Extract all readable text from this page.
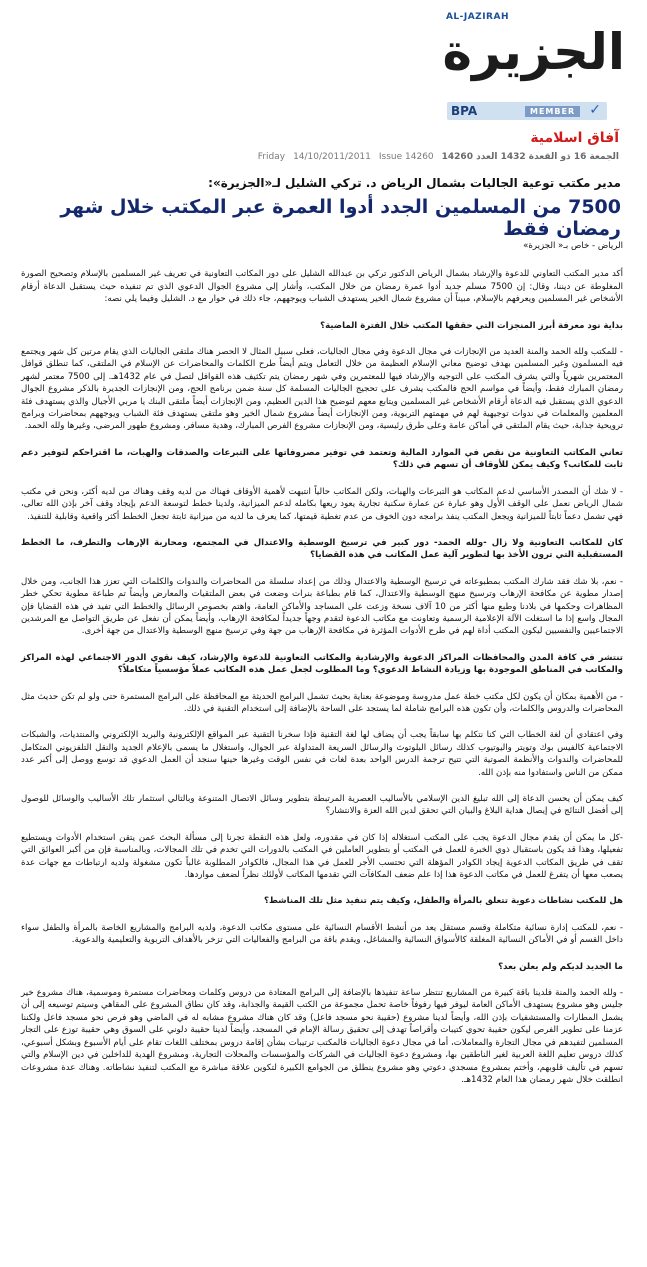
AL-JAZIRAH
الجزيرة
BPA	MEMBER	✓
آفاق اسلامية
Friday 14/10/2011/2011 Issue 14260 الجمعة 16 ذو القعدة 1432 العدد 14260
مدير مكتب توعية الجاليات بشمال الرياض د. تركي الشليل لـ«الجزيرة»:
7500 من المسلمين الجدد أدوا العمرة عبر المكتب خلال شهر رمضان فقط

الرياض - خاص بـ« الجزيرة»

أكد مدير المكتب التعاوني للدعوة والإرشاد بشمال الرياض الدكتور تركي بن عبدالله الشليل على دور المكاتب التعاونية في تعريف غير المسلمين بالإسلام وتصحيح الصورة المغلوطة عن ديننا، وقال: إن 7500 مسلم جديد أدوا عمرة رمضان من خلال المكتب، وأشار إلى مشروع الجوال الدعوي الذي تم تنفيذه حيث يستقبل الدعاة أرقام الأشخاص غير المسلمين ويعرفهم بالإسلام، مبيناً أن مشروع شمال الخير يستهدف الشباب ويوجههم، جاء ذلك في حوار مع د. الشليل وفيما يلي نصه:

بداية نود معرفة أبرز المنجزات التي حققها المكتب خلال الفترة الماضية؟

- للمكتب ولله الحمد والمنة العديد من الإنجازات في مجال الدعوة وفي مجال الجاليات، فعلى سبيل المثال لا الحصر هناك ملتقى الجاليات الذي يقام مرتين كل شهر ويجتمع فيه المسلمون وغير المسلمين بهدف توضيح معاني الإسلام العظيمة من خلال التعامل ويتم أيضاً طرح الكلمات والمحاضرات عن الإسلام في الملتقى، كما تنطلق قوافل المعتمرين شهرياً والتي يشرف المكتب على التوجيه والإرشاد فيها للمعتمرين وفي شهر رمضان يتم تكثيف هذه القوافل لتصل في عام 1432هـ. إلى 7500 معتمر لشهر رمضان المبارك فقط، وأيضاً في مواسم الحج فالمكتب يشرف على تحجيج الجاليات المسلمة كل سنة ضمن برنامج الحج، ومن الإنجازات الجديرة بالذكر مشروع الجوال الدعوي الذي يستقبل فيه الدعاة أرقام الأشخاص غير المسلمين ويتابع معهم لتوضيح هذا الدين العظيم، ومن الإنجازات أيضاً ملتقى البنك يا مربي الأجيال والذي يستهدف فئة المعلمين والمعلمات في ندوات توجيهية لهم في مهمتهم التربوية، ومن الإنجازات أيضاً مشروع شمال الخير وهو ملتقى يستهدف فئة الشباب ويوجههم بمحاضرات وبرامج ترويحية جذابة، حيث يقام الملتقى في أماكن عامة وعلى طرق رئيسية، ومن الإنجازات مشروع الفرص المبارك، وهدية مسافر، ومشروع طهور المرضى، وغيرها ولله الحمد.

تعاني المكاتب التعاونية من نقص في الموارد المالية وتعتمد في توفير مصروفاتها على التبرعات والصدقات والهبات، ما اقتراحكم لتوفير دعم ثابت للمكاتب؟ وكيف يمكن للأوقاف أن تسهم في ذلك؟

- لا شك أن المصدر الأساسي لدعم المكاتب هو التبرعات والهبات، ولكن المكاتب حالياً انتبهت لأهمية الأوقاف فهناك من لديه وقف وهناك من لديه أكثر، ونحن في مكتب شمال الرياض نعمل على الوقف الأول وهو عبارة عن عمارة سكنية تجارية يعود ريعها بكامله لدعم الميزانية، ولدينا خطط لتوسعة الدعم بإيجاد وقف آخر بإذن الله تعالى، فهي تشمل دعماً ثابتاً للميزانية ويجعل المكتب ينفذ برامجه دون الخوف من عدم تغطية قيمتها، كما يعرف ما لديه من ميزانية ثابتة تجعل الخطط أكثر واقعية وقابلية للتنفيذ.

كان للمكاتب التعاونية ولا زال -ولله الحمد- دور كبير في ترسيخ الوسطية والاعتدال في المجتمع، ومحاربة الإرهاب والتطرف، ما الخطط المستقبلية التي ترون الأخذ بها لتطوير آلية عمل المكاتب في هذه القضايا؟

- نعم، بلا شك فقد شارك المكتب بمطبوعاته في ترسيخ الوسطية والاعتدال وذلك من إعداد سلسلة من المحاضرات والندوات والكلمات التي تعزز هذا الجانب، ومن خلال إصدار مطوية عن مكافحة الإرهاب وترسيخ منهج الوسطية والاعتدال، كما قام بطباعة بنرات وضعت في بعض الملتقيات والمعارض وأيضاً تم طباعة مطوية تحكي خطر المظاهرات وحكمها في بلادنا وطبع منها أكثر من 10 آلاف نسخة وزعت على المساجد والأماكن العامة، واهتم بخصوص الرسائل والخطط التي تفيد في هذه القضايا فإن المجال واسع إذا ما استغلت الآلة الإعلامية الرسمية وتعاونت مع مكاتب الدعوة لتقدم وجهاً جديداً لمكافحة الإرهاب، وأيضاً يمكن أن نفعل عن طريق التواصل مع المرشدين الاجتماعيين والنفسيين ليكون المكتب أداة لهم في طرح الأدوات المؤثرة في مكافحة الإرهاب من جهة وفي ترسيخ منهج الوسطية والاعتدال من جهة أخرى.

تنتشر في كافة المدن والمحافظات المراكز الدعوية والإرشادية والمكاتب التعاونية للدعوة والإرشاد، كيف نقوي الدور الاجتماعي لهذه المراكز والمكاتب في المناطق الموجودة بها وزيادة النشاط الدعوي؟ وما المطلوب لجعل عمل هذه المكاتب عملاً مؤسسياً متكاملاً؟

- من الأهمية بمكان أن يكون لكل مكتب خطة عمل مدروسة وموضوعة بعناية بحيث تشمل البرامج الحديثة مع المحافظة على البرامج المستمرة حتى ولو لم تكن حديث مثل المحاضرات والدروس والكلمات، وأن تكون هذه البرامج شاملة لما يستجد على الساحة بالإضافة إلى استخدام التقنية في ذلك.

وفي اعتقادي أن لغة الخطاب التي كنا نتكلم بها سابقاً يجب أن يضاف لها لغة التقنية فإذا سخرنا التقنية عبر المواقع الإلكترونية والبريد الإلكتروني والمنتديات، والشبكات الاجتماعية كالفيس بوك وتويتر واليوتيوب كذلك رسائل البلوتوث والرسائل السريعة المتداولة عبر الجوال، واستغلال ما يسمى بالإعلام الجديد والنقل التلفزيوني المتكامل للمحاضرات والندوات والأنظمة الصوتية التي تتيح ترجمة الدرس الواحد بعدة لغات في نفس الوقت وغيرها حينها سنجد أن العمل الدعوي قد توسع ووصل إلى أكبر عدد ممكن من الناس واستفادوا منه بإذن الله.

كيف يمكن أن يحسن الدعاة إلى الله تبليغ الدين الإسلامي بالأساليب العصرية المرتبطة بتطوير وسائل الاتصال المتنوعة وبالتالي استثمار تلك الأساليب والوسائل للوصول إلى أفضل النتائج في إيصال هداية البلاغ والبيان التي تحقق لدين الله العزة والانتشار؟

-كل ما يمكن أن يقدم مجال الدعوة يجب على المكتب استغلاله إذا كان في مقدوره، ولعل هذه النقطة تجرنا إلى مسألة البحث عمن يتقن استخدام الأدوات ويستطيع تفعيلها، وهذا قد يكون باستقبال ذوي الخبرة للعمل في المكتب أو بتطوير العاملين في المكتب بالدورات التي تخدم في تلك المجالات، وبالمناسبة فإن من أكبر العوائق التي تقف في طريق المكاتب الدعوية إيجاد الكوادر المؤهلة التي تحتسب الأجر للعمل في هذا المجال، فالكوادر المطلوبة غالباً تكون مشغولة ولديه ارتباطات مع جهات عدة يصعب معها أن يتفرغ للعمل في مكاتب الدعوة هذا إذا علم ضعف المكافآت التي تقدمها المكاتب لأولئك نظراً لضعف مواردها.

هل للمكتب نشاطات دعوية تتعلق بالمرأة والطفل، وكيف يتم تنفيذ مثل تلك المناشط؟

- نعم، للمكتب إدارة نسائية متكاملة وقسم مستقل يعد من أنشط الأقسام النسائية على مستوى مكاتب الدعوة، ولديه البرامج والمشاريع الخاصة بالمرأة والطفل سواء داخل القسم أو في الأماكن النسائية المغلقة كالأسواق النسائية والمشاغل، ويقدم باقة من البرامج والفعاليات التي تزخر بالأهداف التربوية والتعليمية والدعوية.

ما الجديد لديكم ولم يعلن بعد؟

- ولله الحمد والمنة فلدينا باقة كبيرة من المشاريع تنتظر ساعة تنفيذها بالإضافة إلى البرامج المعتادة من دروس وكلمات ومحاضرات مستمرة وموسمية، هناك مشروع خير جليس وهو مشروع يستهدف الأماكن العامة ليوفر فيها رفوفاً خاصة تحمل مجموعة من الكتب القيمة والجذابة، وقد كان نطاق المشروع على المقاهي وسيتم توسيعه إلى أن يشمل المطارات والمستشفيات بإذن الله، وأيضاً لدينا مشروع (حقيبة نحو مسجد فاعل) وقد كان هناك مشروع مشابه له في الماضي وهو فرص نحو مسجد فاعل ولكننا عزمنا على تطوير الفرص ليكون حقيبة تحوي كتيبات وأقراصاً تهدف إلى تحقيق رسالة الإمام في المسجد، وأيضاً لدينا حقيبة دلوني على السوق وهي حقيبة توزع على التجار المسلمين لتفيدهم في مجال التجارة والمعاملات، أما في مجال دعوة الجاليات فالمكتب ترتيبات بشأن إقامة دروس بمختلف اللغات تقام على أيام الأسبوع وبشكل أسبوعي، كذلك دروس تعليم اللغة العربية لغير الناطقين بها، ومشروع دعوة الجاليات في الشركات والمؤسسات والمحلات التجارية، ومشروع الهدية للداخلين في دين الإسلام والتي تسهم في تأليف قلوبهم، وأختم بمشروع مسجدي دعوتي وهو مشروع ينطلق من الجوامع الكبيرة لتكوين علاقة مباشرة مع المكتب لتنفيذ نشاطاته. وهناك عدة مشروعات انطلقت خلال شهر رمضان هذا العام 1432هـ.
